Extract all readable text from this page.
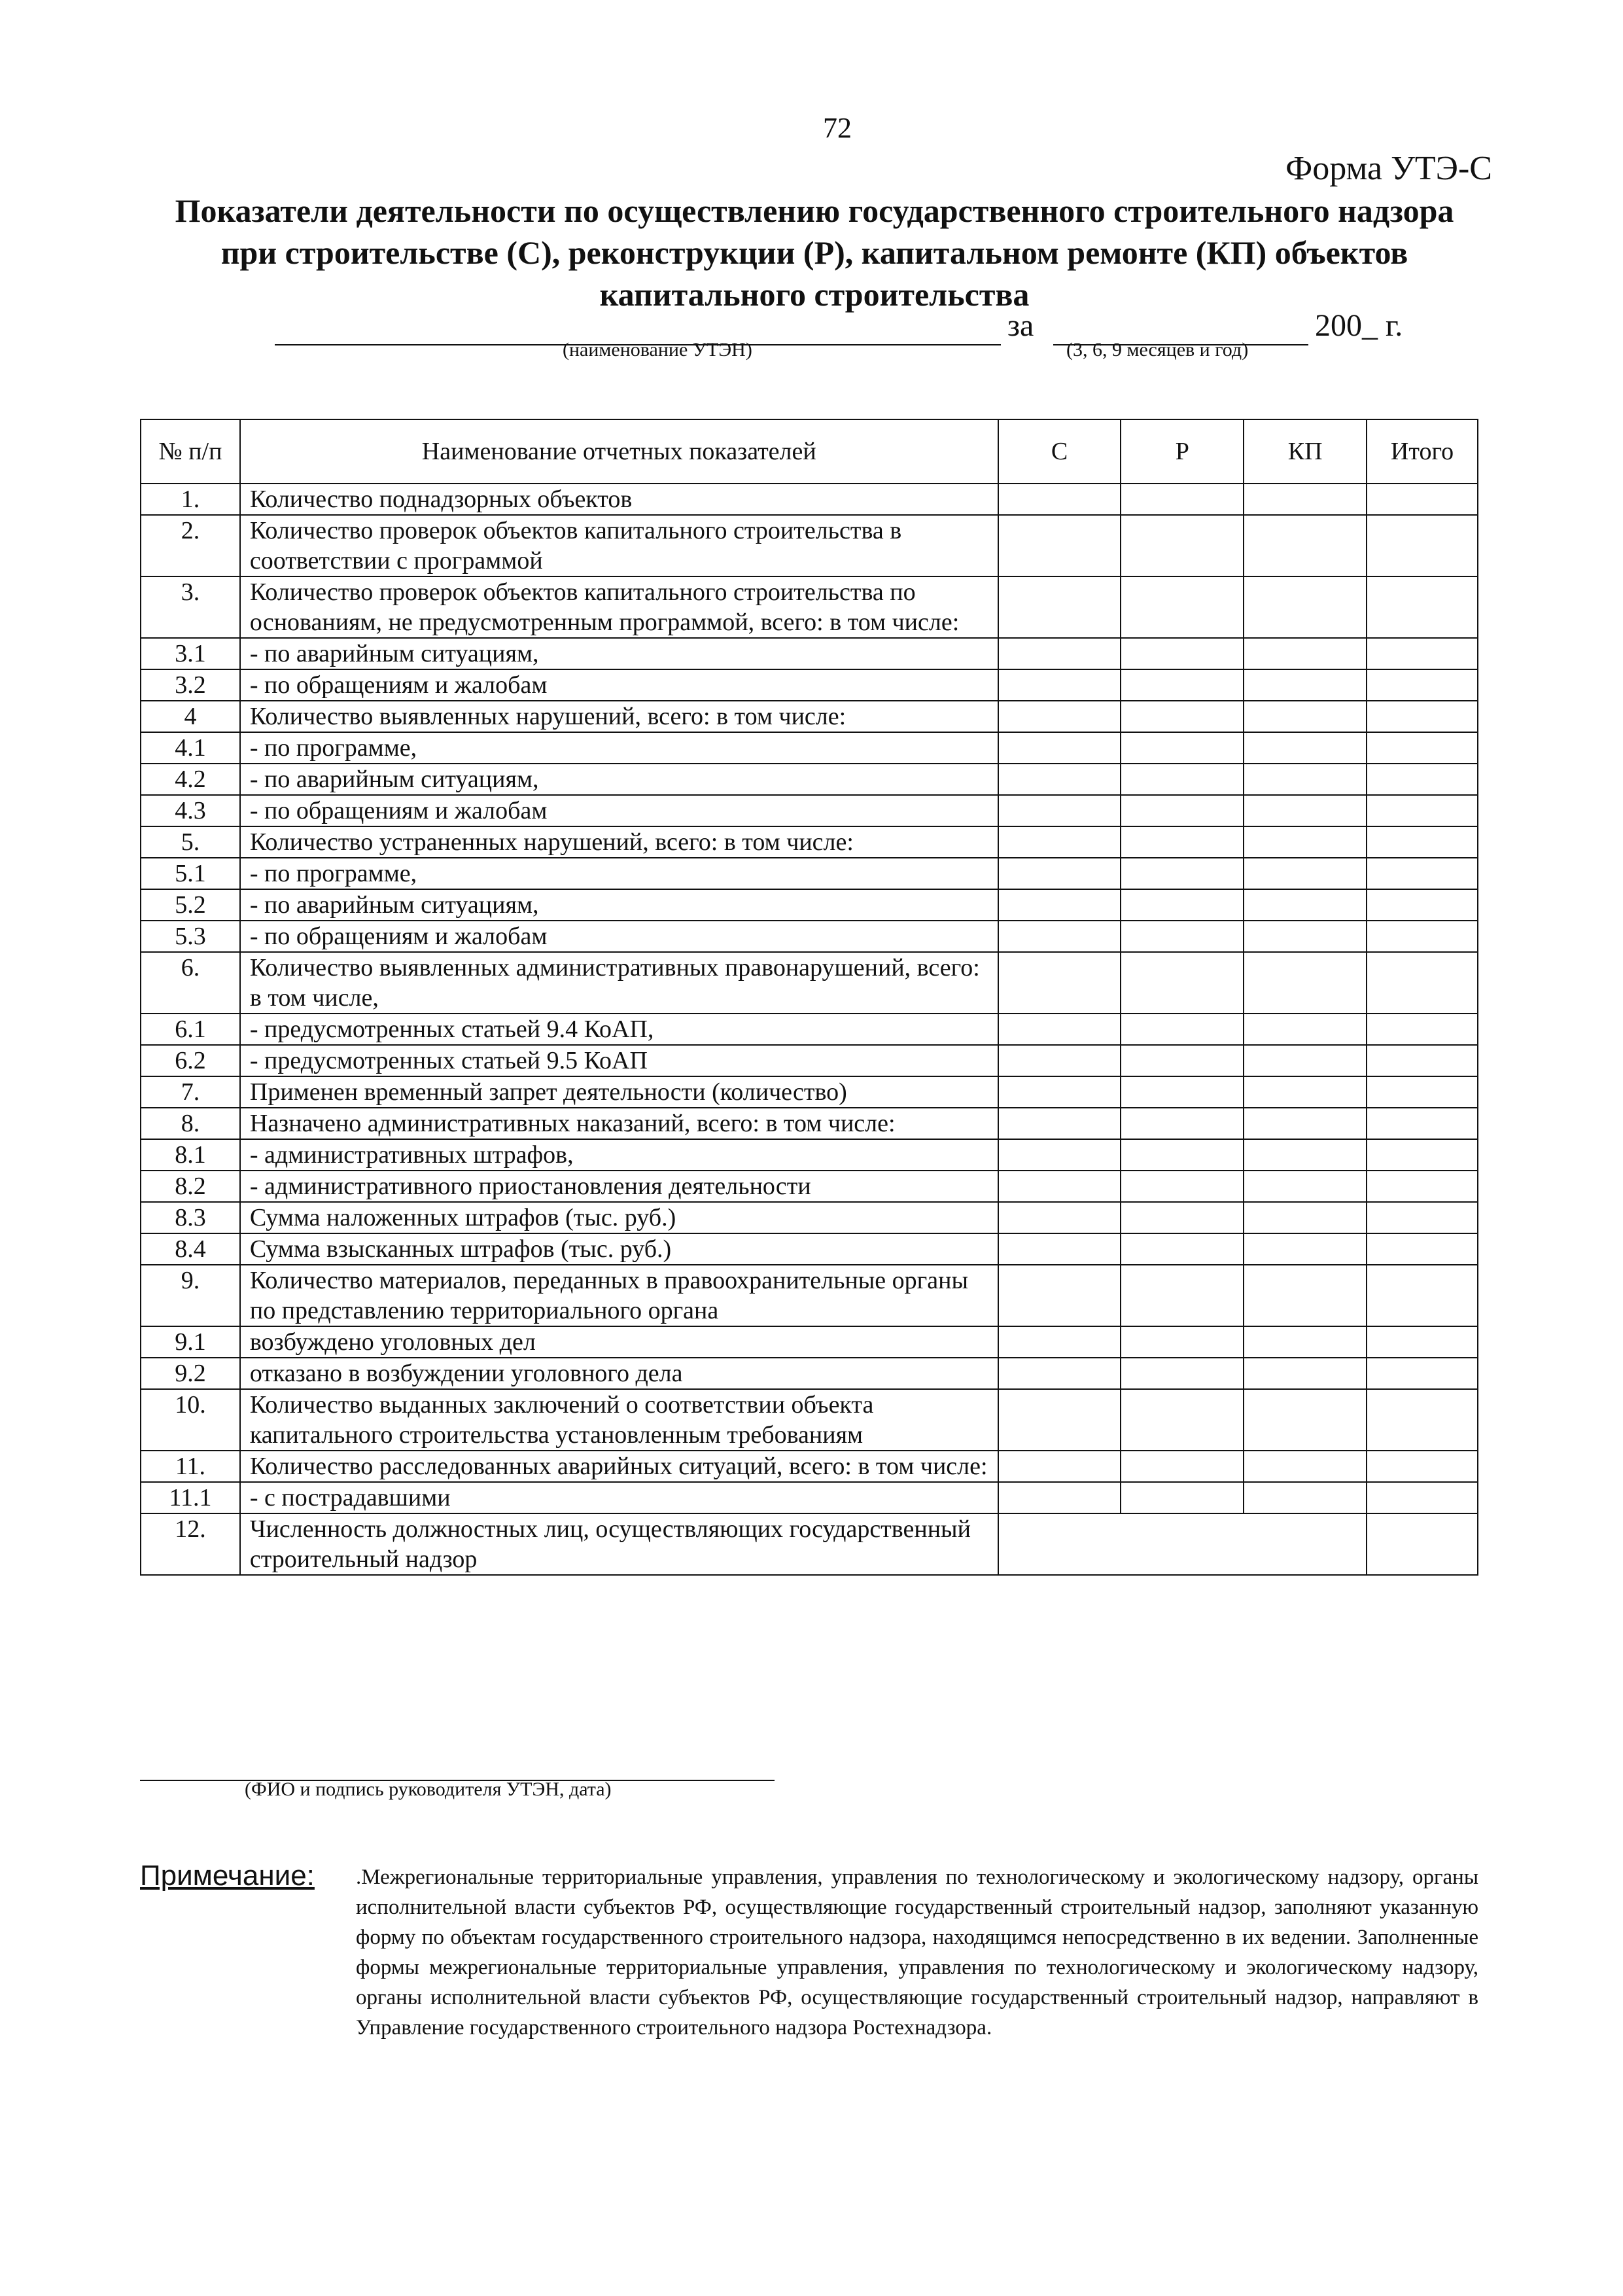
72
Форма УТЭ-С
Показатели деятельности по осуществлению государственного строительного надзора
при строительстве (С), реконструкции (Р), капитальном ремонте (КП) объектов
капитального строительства
за	200_ г.
(наименование УТЭН)	(3, 6, 9 месяцев и год)
№ п/п	Наименование отчетных показателей	С	Р	КП	Итого
1.	Количество поднадзорных объектов				
2.	Количество проверок объектов капитального строительства в соответствии с программой				
3.	Количество проверок объектов капитального строительства по основаниям, не предусмотренным программой, всего: в том числе:				
3.1	- по аварийным ситуациям,				
3.2	- по обращениям и жалобам				
4	Количество выявленных нарушений, всего: в том числе:				
4.1	- по программе,				
4.2	- по аварийным ситуациям,				
4.3	- по обращениям и жалобам				
5.	Количество устраненных нарушений, всего: в том числе:				
5.1	- по программе,				
5.2	- по аварийным ситуациям,				
5.3	- по обращениям и жалобам				
6.	Количество выявленных административных правонарушений, всего: в том числе,				
6.1	- предусмотренных статьей 9.4 КоАП,				
6.2	- предусмотренных статьей 9.5 КоАП				
7.	Применен временный запрет деятельности (количество)				
8.	Назначено административных наказаний, всего: в том числе:				
8.1	- административных штрафов,				
8.2	- административного приостановления деятельности				
8.3	Сумма наложенных штрафов (тыс. руб.)				
8.4	Сумма взысканных штрафов (тыс. руб.)				
9.	Количество материалов, переданных в правоохранительные органы по представлению территориального органа				
9.1	возбуждено уголовных дел				
9.2	отказано в возбуждении уголовного дела				
10.	Количество выданных заключений о соответствии объекта капитального строительства установленным требованиям				
11.	Количество расследованных аварийных ситуаций, всего: в том числе:				
11.1	- с пострадавшими				
12.	Численность должностных лиц, осуществляющих государственный строительный надзор				
(ФИО и подпись руководителя УТЭН, дата)
Примечание: .Межрегиональные территориальные управления, управления по технологическому и экологическому надзору, органы исполнительной власти субъектов РФ, осуществляющие государственный строительный надзор, заполняют указанную форму по объектам государственного строительного надзора, находящимся непосредственно в их ведении. Заполненные формы межрегиональные территориальные управления, управления по технологическому и экологическому надзору, органы исполнительной власти субъектов РФ, осуществляющие государственный строительный надзор, направляют в Управление государственного строительного надзора Ростехнадзора.
